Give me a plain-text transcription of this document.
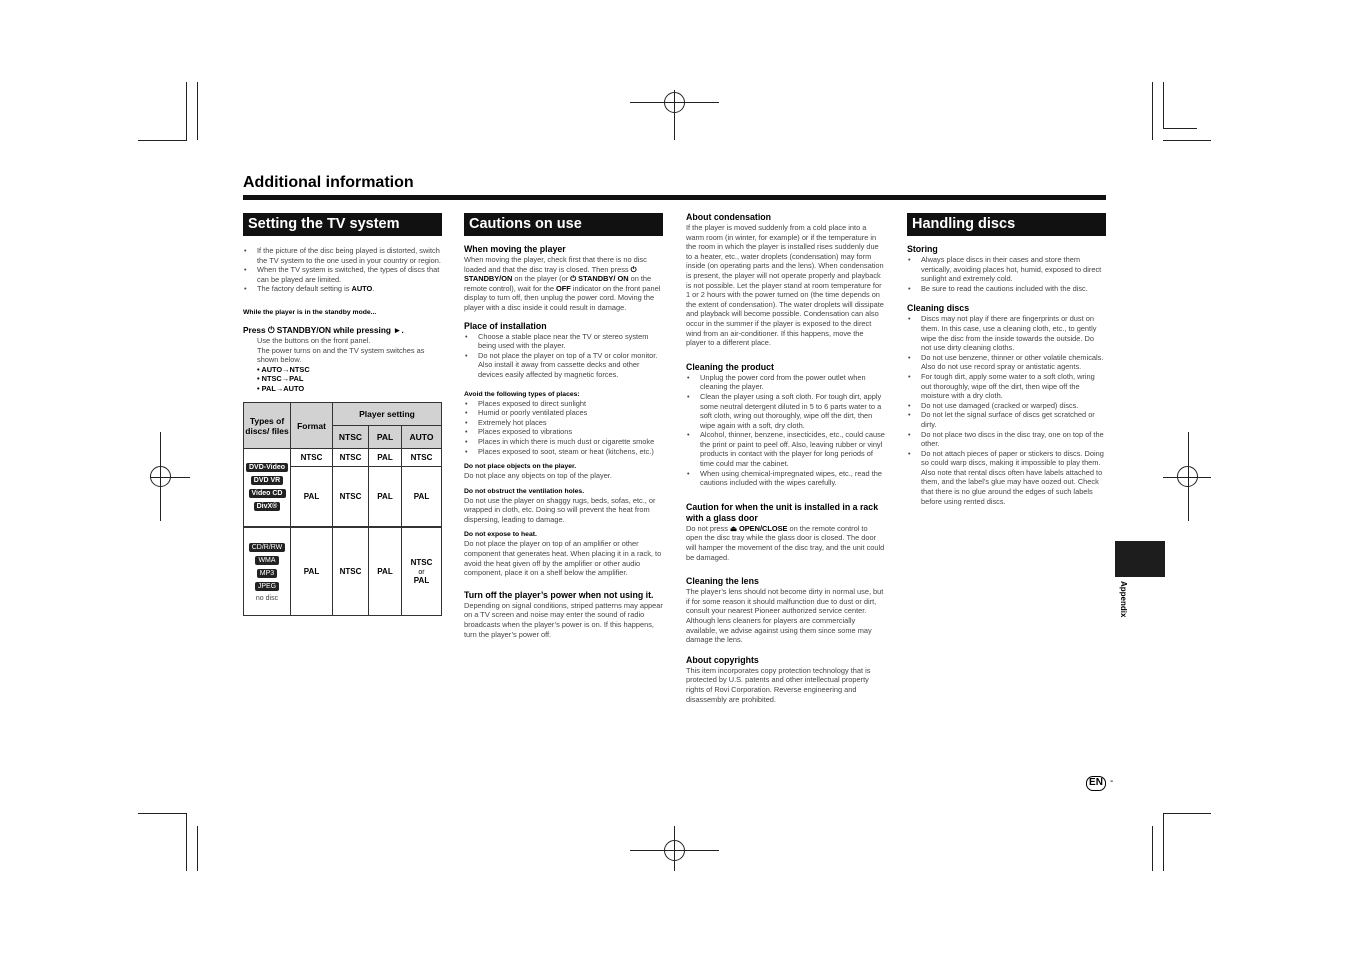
Additional information
Setting the TV system
• If the picture of the disc being played is distorted, switch the TV system to the one used in your country or region.
• When the TV system is switched, the types of discs that can be played are limited.
• The factory default setting is AUTO.
While the player is in the standby mode...
Press ⏻ STANDBY/ON while pressing ►.
Use the buttons on the front panel.
The power turns on and the TV system switches as shown below.
• AUTO→NTSC
• NTSC→PAL
• PAL→AUTO
Types of discs/ files	Format	Player setting		
		NTSC	PAL	AUTO
DVD-Video
DVD VR
Video CD
DivX®	NTSC	NTSC	PAL	NTSC
	PAL	NTSC	PAL	PAL
CD/R/RW
WMA
MP3
JPEG
no disc	PAL	NTSC	PAL	NTSC
or
PAL
Cautions on use
When moving the player
When moving the player, check first that there is no disc loaded and that the disc tray is closed. Then press ⏻ STANDBY/ON on the player (or ⏻ STANDBY/ ON on the remote control), wait for the OFF indicator on the front panel display to turn off, then unplug the power cord. Moving the player with a disc inside it could result in damage.
Place of installation
• Choose a stable place near the TV or stereo system being used with the player.
• Do not place the player on top of a TV or color monitor. Also install it away from cassette decks and other devices easily affected by magnetic forces.
Avoid the following types of places:
• Places exposed to direct sunlight
• Humid or poorly ventilated places
• Extremely hot places
• Places exposed to vibrations
• Places in which there is much dust or cigarette smoke
• Places exposed to soot, steam or heat (kitchens, etc.)
Do not place objects on the player.
Do not place any objects on top of the player.
Do not obstruct the ventilation holes.
Do not use the player on shaggy rugs, beds, sofas, etc., or wrapped in cloth, etc. Doing so will prevent the heat from dispersing, leading to damage.
Do not expose to heat.
Do not place the player on top of an amplifier or other component that generates heat. When placing it in a rack, to avoid the heat given off by the amplifier or other audio component, place it on a shelf below the amplifier.
Turn off the player’s power when not using it.
Depending on signal conditions, striped patterns may appear on a TV screen and noise may enter the sound of radio broadcasts when the player’s power is on. If this happens, turn the player’s power off.
About condensation
If the player is moved suddenly from a cold place into a warm room (in winter, for example) or if the temperature in the room in which the player is installed rises suddenly due to a heater, etc., water droplets (condensation) may form inside (on operating parts and the lens). When condensation is present, the player will not operate properly and playback is not possible. Let the player stand at room temperature for 1 or 2 hours with the power turned on (the time depends on the extent of condensation). The water droplets will dissipate and playback will become possible. Condensation can also occur in the summer if the player is exposed to the direct wind from an air-conditioner. If this happens, move the player to a different place.
Cleaning the product
• Unplug the power cord from the power outlet when cleaning the player.
• Clean the player using a soft cloth. For tough dirt, apply some neutral detergent diluted in 5 to 6 parts water to a soft cloth, wring out thoroughly, wipe off the dirt, then wipe again with a soft, dry cloth.
• Alcohol, thinner, benzene, insecticides, etc., could cause the print or paint to peel off. Also, leaving rubber or vinyl products in contact with the player for long periods of time could mar the cabinet.
• When using chemical-impregnated wipes, etc., read the cautions included with the wipes carefully.
Caution for when the unit is installed in a rack with a glass door
Do not press ⏏ OPEN/CLOSE on the remote control to open the disc tray while the glass door is closed. The door will hamper the movement of the disc tray, and the unit could be damaged.
Cleaning the lens
The player’s lens should not become dirty in normal use, but if for some reason it should malfunction due to dust or dirt, consult your nearest Pioneer authorized service center. Although lens cleaners for players are commercially available, we advise against using them since some may damage the lens.
About copyrights
This item incorporates copy protection technology that is protected by U.S. patents and other intellectual property rights of Rovi Corporation. Reverse engineering and disassembly are prohibited.
Handling discs
Storing
• Always place discs in their cases and store them vertically, avoiding places hot, humid, exposed to direct sunlight and extremely cold.
• Be sure to read the cautions included with the disc.
Cleaning discs
• Discs may not play if there are fingerprints or dust on them. In this case, use a cleaning cloth, etc., to gently wipe the disc from the inside towards the outside. Do not use dirty cleaning cloths.
• Do not use benzene, thinner or other volatile chemicals. Also do not use record spray or antistatic agents.
• For tough dirt, apply some water to a soft cloth, wring out thoroughly, wipe off the dirt, then wipe off the moisture with a dry cloth.
• Do not use damaged (cracked or warped) discs.
• Do not let the signal surface of discs get scratched or dirty.
• Do not place two discs in the disc tray, one on top of the other.
• Do not attach pieces of paper or stickers to discs. Doing so could warp discs, making it impossible to play them. Also note that rental discs often have labels attached to them, and the label’s glue may have oozed out. Check that there is no glue around the edges of such labels before using rented discs.
Appendix
EN -
